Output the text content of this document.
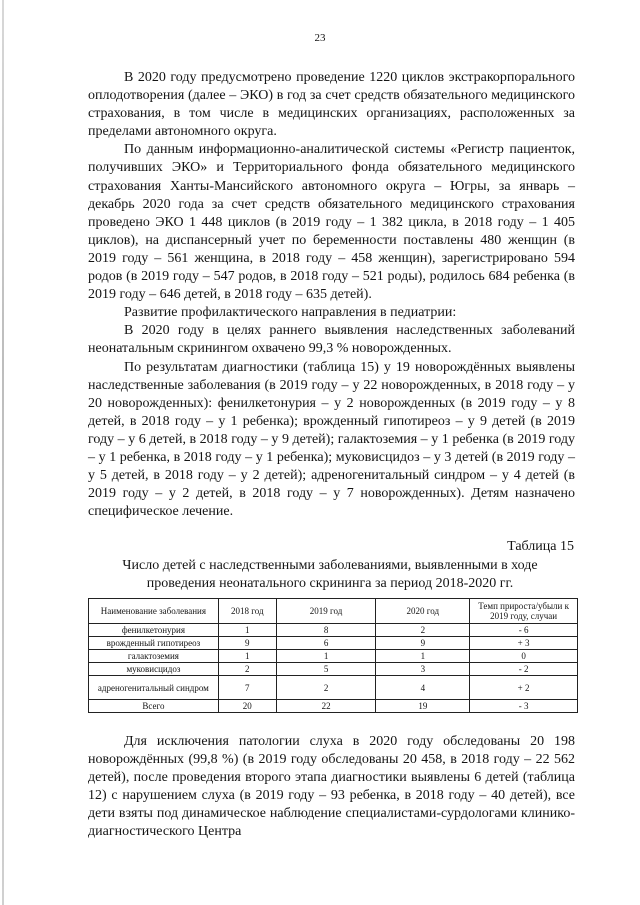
23

В 2020 году предусмотрено проведение 1220 циклов экстракорпорального оплодотворения (далее – ЭКО) в год за счет средств обязательного медицинского страхования, в том числе в медицинских организациях, расположенных за пределами автономного округа.

По данным информационно-аналитической системы «Регистр пациенток, получивших ЭКО» и Территориального фонда обязательного медицинского страхования Ханты-Мансийского автономного округа – Югры, за январь – декабрь 2020 года за счет средств обязательного медицинского страхования проведено ЭКО 1 448 циклов (в 2019 году – 1 382 цикла, в 2018 году – 1 405 циклов), на диспансерный учет по беременности поставлены 480 женщин (в 2019 году – 561 женщина, в 2018 году – 458 женщин), зарегистрировано 594 родов (в 2019 году – 547 родов, в 2018 году – 521 роды), родилось 684 ребенка (в 2019 году – 646 детей, в 2018 году – 635 детей).

Развитие профилактического направления в педиатрии:

В 2020 году в целях раннего выявления наследственных заболеваний неонатальным скринингом охвачено 99,3 % новорожденных.

По результатам диагностики (таблица 15) у 19 новорождённых выявлены наследственные заболевания (в 2019 году – у 22 новорожденных, в 2018 году – у 20 новорожденных): фенилкетонурия – у 2 новорожденных (в 2019 году – у 8 детей, в 2018 году – у 1 ребенка); врожденный гипотиреоз – у 9 детей (в 2019 году – у 6 детей, в 2018 году – у 9 детей); галактоземия – у 1 ребенка (в 2019 году – у 1 ребенка, в 2018 году – у 1 ребенка); муковисцидоз – у 3 детей (в 2019 году – у 5 детей, в 2018 году – у 2 детей); адреногенитальный синдром – у 4 детей (в 2019 году – у 2 детей, в 2018 году – у 7 новорожденных). Детям назначено специфическое лечение.

Таблица 15
Число детей с наследственными заболеваниями, выявленными в ходе проведения неонатального скрининга за период 2018-2020 гг.
Наименование заболевания	2018 год	2019 год	2020 год	Темп прироста/убыли к 2019 году, случаи
фенилкетонурия	1	8	2	- 6
врожденный гипотиреоз	9	6	9	+ 3
галактоземия	1	1	1	0
муковисцидоз	2	5	3	- 2
адреногенитальный синдром	7	2	4	+ 2
Всего	20	22	19	- 3

Для исключения патологии слуха в 2020 году обследованы 20 198 новорождённых (99,8 %) (в 2019 году обследованы 20 458, в 2018 году – 22 562 детей), после проведения второго этапа диагностики выявлены 6 детей (таблица 12) с нарушением слуха (в 2019 году – 93 ребенка, в 2018 году – 40 детей), все дети взяты под динамическое наблюдение специалистами-сурдологами клинико-диагностического Центра
